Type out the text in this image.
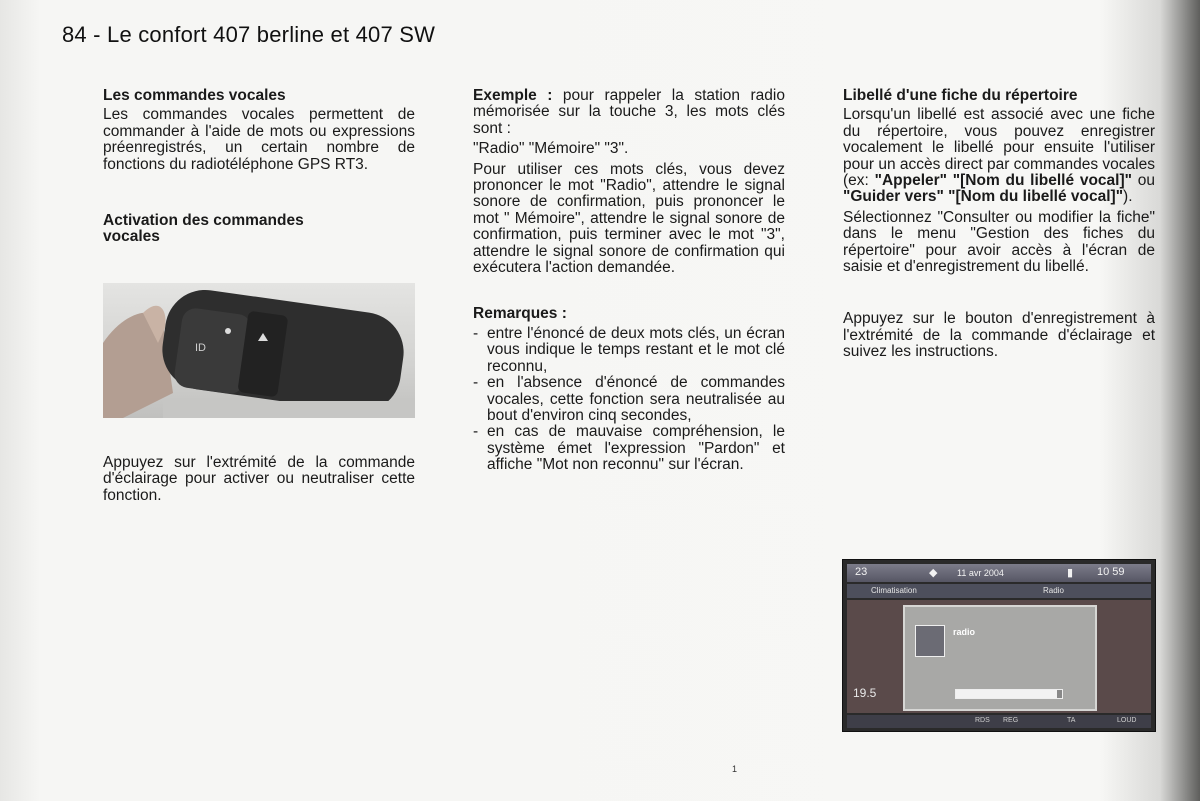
84 - Le confort 407 berline et 407 SW
Les commandes vocales

Les commandes vocales permettent de commander à l'aide de mots ou expressions préenregistrés, un certain nombre de fonctions du radiotéléphone GPS RT3.

Activation des commandes vocales
ID

Appuyez sur l'extrémité de la commande d'éclairage pour activer ou neutraliser cette fonction.

Exemple : pour rappeler la station radio mémorisée sur la touche 3, les mots clés sont :

"Radio" "Mémoire" "3".

Pour utiliser ces mots clés, vous devez prononcer le mot "Radio", attendre le signal sonore de confirmation, puis prononcer le mot " Mémoire", attendre le signal sonore de confirmation, puis terminer avec le mot "3", attendre le signal sonore de confirmation qui exécutera l'action demandée.

Remarques :
- entre l'énoncé de deux mots clés, un écran vous indique le temps restant et le mot clé reconnu,
- en l'absence d'énoncé de commandes vocales, cette fonction sera neutralisée au bout d'environ cinq secondes,
- en cas de mauvaise compréhension, le système émet l'expression "Pardon" et affiche "Mot non reconnu" sur l'écran.
Libellé d'une fiche du répertoire

Lorsqu'un libellé est associé avec une fiche du répertoire, vous pouvez enregistrer vocalement le libellé pour ensuite l'utiliser pour un accès direct par commandes vocales (ex: "Appeler" "[Nom du libellé vocal]" ou "Guider vers" "[Nom du libellé vocal]").

Sélectionnez "Consulter ou modifier la fiche" dans le menu "Gestion des fiches du répertoire" pour avoir accès à l'écran de saisie et d'enregistrement du libellé.

Appuyez sur le bouton d'enregistrement à l'extrémité de la commande d'éclairage et suivez les instructions.

23	◆ 11 avr 2004	▮ 10 59
Climatisation	Radio
19.5
radio
RDS REG	TA	LOUD
1
